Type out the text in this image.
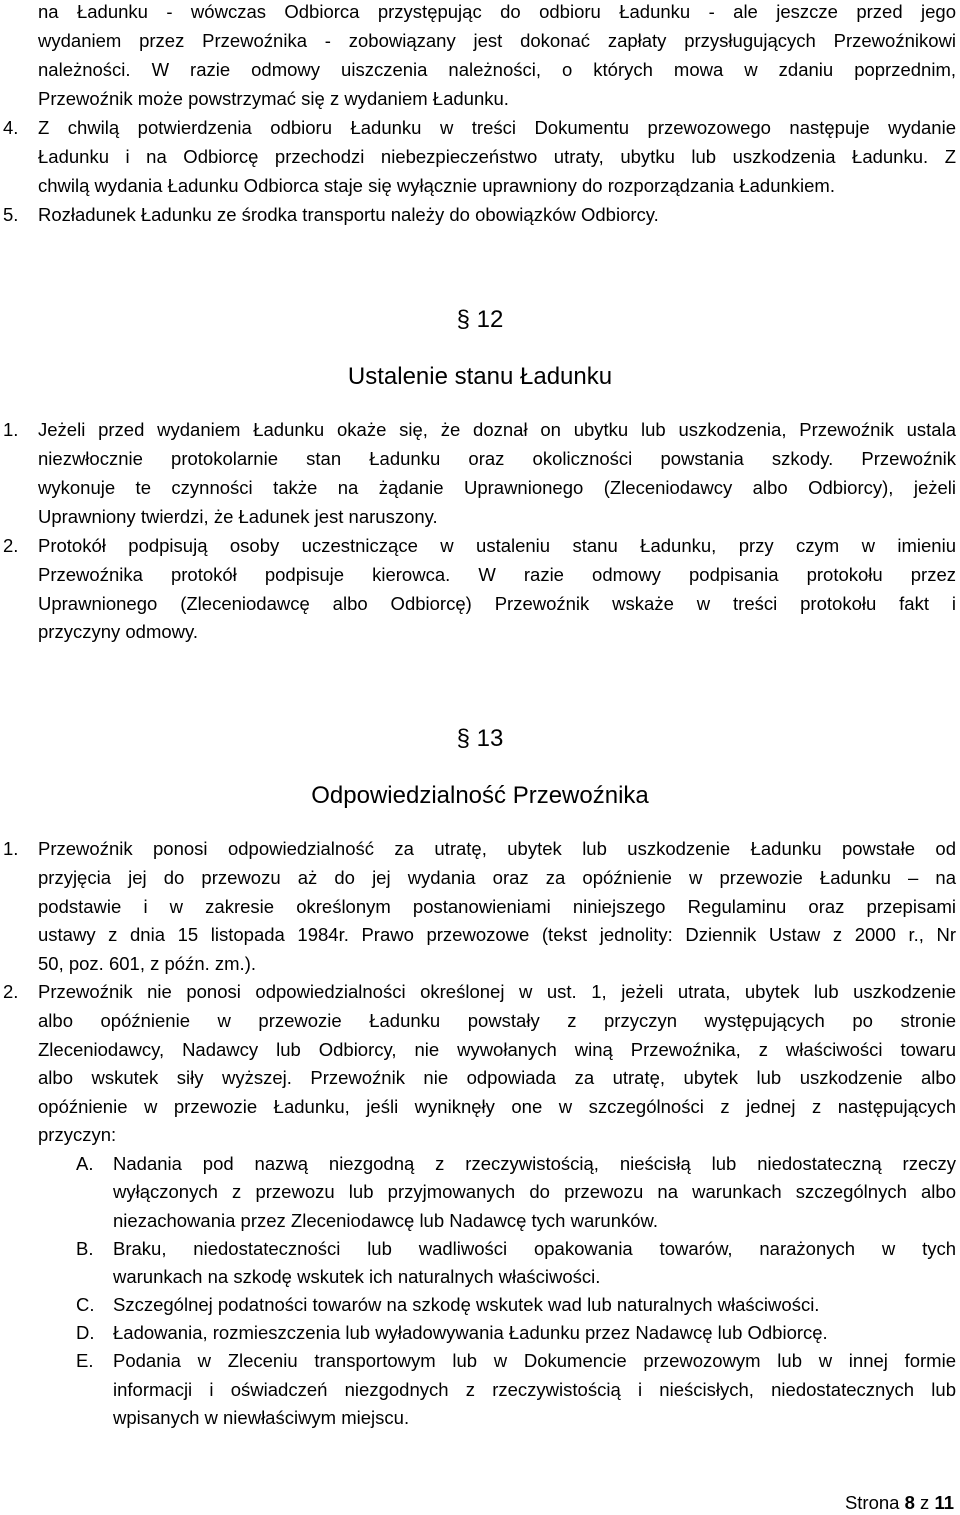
na Ładunku - wówczas Odbiorca przystępując do odbioru Ładunku - ale jeszcze przed jego
wydaniem przez Przewoźnika - zobowiązany jest dokonać zapłaty przysługujących Przewoźnikowi
należności. W razie odmowy uiszczenia należności, o których mowa w zdaniu poprzednim,
Przewoźnik może powstrzymać się z wydaniem Ładunku.
4. Z chwilą potwierdzenia odbioru Ładunku w treści Dokumentu przewozowego następuje wydanie
Ładunku i na Odbiorcę przechodzi niebezpieczeństwo utraty, ubytku lub uszkodzenia Ładunku. Z
chwilą wydania Ładunku Odbiorca staje się wyłącznie uprawniony do rozporządzania Ładunkiem.
5. Rozładunek Ładunku ze środka transportu należy do obowiązków Odbiorcy.
§ 12
Ustalenie stanu Ładunku
1. Jeżeli przed wydaniem Ładunku okaże się, że doznał on ubytku lub uszkodzenia, Przewoźnik ustala
niezwłocznie protokolarnie stan Ładunku oraz okoliczności powstania szkody. Przewoźnik
wykonuje te czynności także na żądanie Uprawnionego (Zleceniodawcy albo Odbiorcy), jeżeli
Uprawniony twierdzi, że Ładunek jest naruszony.
2. Protokół podpisują osoby uczestniczące w ustaleniu stanu Ładunku, przy czym w imieniu
Przewoźnika protokół podpisuje kierowca. W razie odmowy podpisania protokołu przez
Uprawnionego (Zleceniodawcę albo Odbiorcę) Przewoźnik wskaże w treści protokołu fakt i
przyczyny odmowy.
§ 13
Odpowiedzialność Przewoźnika
1. Przewoźnik ponosi odpowiedzialność za utratę, ubytek lub uszkodzenie Ładunku powstałe od
przyjęcia jej do przewozu aż do jej wydania oraz za opóźnienie w przewozie Ładunku – na
podstawie i w zakresie określonym postanowieniami niniejszego Regulaminu oraz przepisami
ustawy z dnia 15 listopada 1984r. Prawo przewozowe (tekst jednolity: Dziennik Ustaw z 2000 r., Nr
50, poz. 601, z późn. zm.).
2. Przewoźnik nie ponosi odpowiedzialności określonej w ust. 1, jeżeli utrata, ubytek lub uszkodzenie
albo opóźnienie w przewozie Ładunku powstały z przyczyn występujących po stronie
Zleceniodawcy, Nadawcy lub Odbiorcy, nie wywołanych winą Przewoźnika, z właściwości towaru
albo wskutek siły wyższej. Przewoźnik nie odpowiada za utratę, ubytek lub uszkodzenie albo
opóźnienie w przewozie Ładunku, jeśli wyniknęły one w szczególności z jednej z następujących
przyczyn:
A. Nadania pod nazwą niezgodną z rzeczywistością, nieścisłą lub niedostateczną rzeczy
wyłączonych z przewozu lub przyjmowanych do przewozu na warunkach szczególnych albo
niezachowania przez Zleceniodawcę lub Nadawcę tych warunków.
B. Braku, niedostateczności lub wadliwości opakowania towarów, narażonych w tych
warunkach na szkodę wskutek ich naturalnych właściwości.
C. Szczególnej podatności towarów na szkodę wskutek wad lub naturalnych właściwości.
D. Ładowania, rozmieszczenia lub wyładowywania Ładunku przez Nadawcę lub Odbiorcę.
E. Podania w Zleceniu transportowym lub w Dokumencie przewozowym lub w innej formie
informacji i oświadczeń niezgodnych z rzeczywistością i nieścisłych, niedostatecznych lub
wpisanych w niewłaściwym miejscu.
Strona 8 z 11
